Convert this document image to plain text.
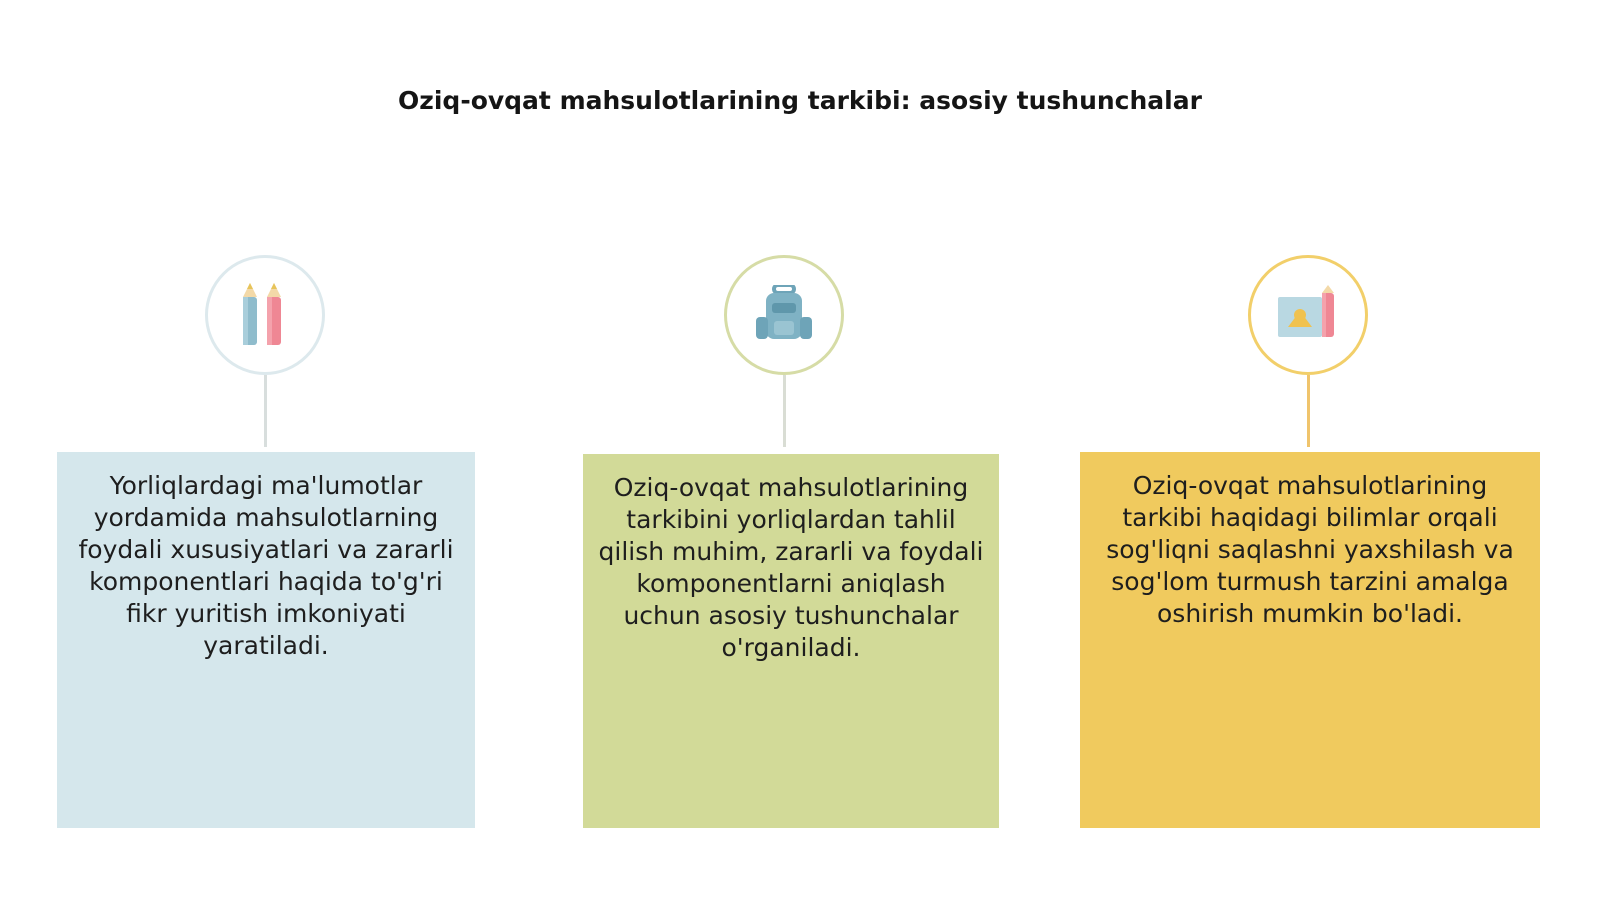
Oziq-ovqat mahsulotlarining tarkibi: asosiy tushunchalar
Yorliqlardagi ma'lumotlar yordamida mahsulotlarning foydali xususiyatlari va zararli komponentlari haqida to'g'ri fikr yuritish imkoniyati yaratiladi.
Oziq-ovqat mahsulotlarining tarkibini yorliqlardan tahlil qilish muhim, zararli va foydali komponentlarni aniqlash uchun asosiy tushunchalar o'rganiladi.
Oziq-ovqat mahsulotlarining tarkibi haqidagi bilimlar orqali sog'liqni saqlashni yaxshilash va sog'lom turmush tarzini amalga oshirish mumkin bo'ladi.
